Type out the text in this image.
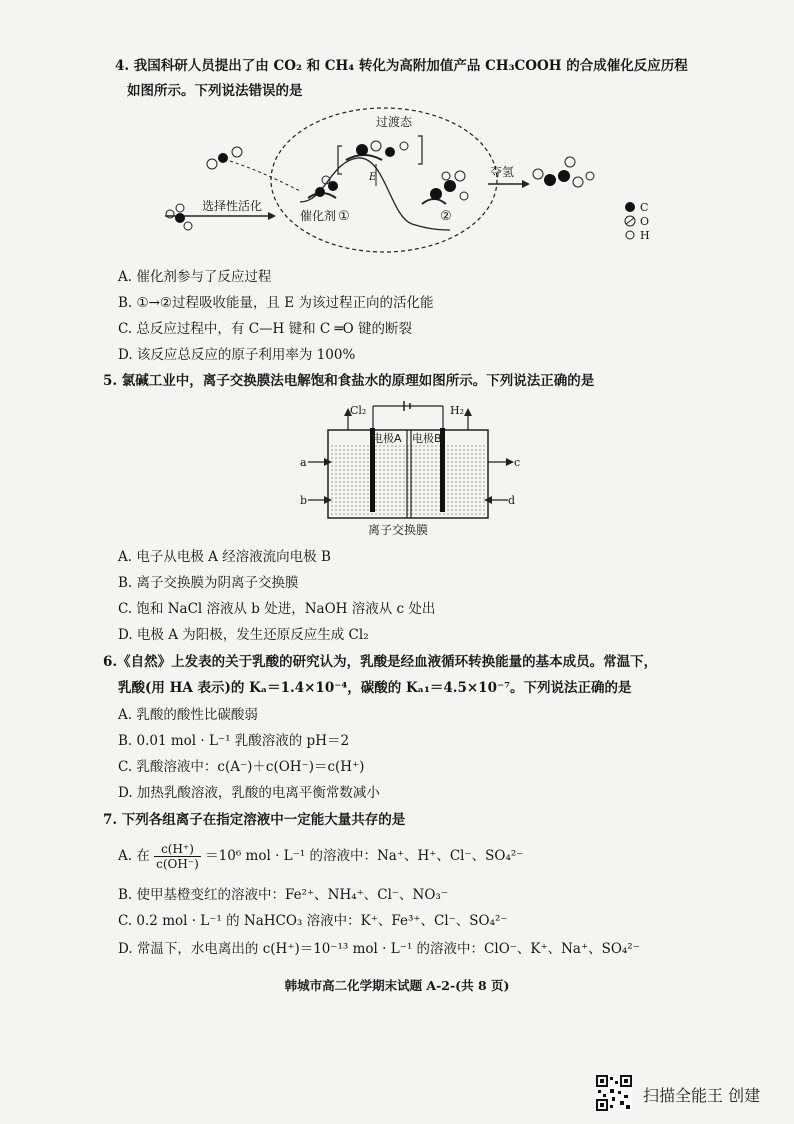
4. 我国科研人员提出了由 CO₂ 和 CH₄ 转化为高附加值产品 CH₃COOH 的合成催化反应历程
如图所示。下列说法错误的是
选择性活化
过渡态
夺氢
催化剂 ①	②
E
C
O
H
A. 催化剂参与了反应过程
B. ①→②过程吸收能量，且 E 为该过程正向的活化能
C. 总反应过程中，有 C—H 键和 C ═O 键的断裂
D. 该反应总反应的原子利用率为 100%
5. 氯碱工业中，离子交换膜法电解饱和食盐水的原理如图所示。下列说法正确的是
Cl₂	H₂
电极A 电极B
a
b
c
d
离子交换膜
A. 电子从电极 A 经溶液流向电极 B
B. 离子交换膜为阴离子交换膜
C. 饱和 NaCl 溶液从 b 处进，NaOH 溶液从 c 处出
D. 电极 A 为阳极，发生还原反应生成 Cl₂
6.《自然》上发表的关于乳酸的研究认为，乳酸是经血液循环转换能量的基本成员。常温下，
乳酸(用 HA 表示)的 Kₐ＝1.4×10⁻⁴，碳酸的 Kₐ₁＝4.5×10⁻⁷。下列说法正确的是
A. 乳酸的酸性比碳酸弱
B. 0.01 mol · L⁻¹ 乳酸溶液的 pH＝2
C. 乳酸溶液中：c(A⁻)＋c(OH⁻)＝c(H⁺)
D. 加热乳酸溶液，乳酸的电离平衡常数减小
7. 下列各组离子在指定溶液中一定能大量共存的是
A. 在 $\frac{c(H^+)}{c(OH^-)} =10^6$ mol · L⁻¹ 的溶液中：Na⁺、H⁺、Cl⁻、SO₄²⁻
B. 使甲基橙变红的溶液中：Fe²⁺、NH₄⁺、Cl⁻、NO₃⁻
C. 0.2 mol · L⁻¹ 的 NaHCO₃ 溶液中：K⁺、Fe³⁺、Cl⁻、SO₄²⁻
D. 常温下，水电离出的 c(H⁺)＝10⁻¹³ mol · L⁻¹ 的溶液中：ClO⁻、K⁺、Na⁺、SO₄²⁻
韩城市高二化学期末试题 A-2-(共 8 页)
扫描全能王 创建
